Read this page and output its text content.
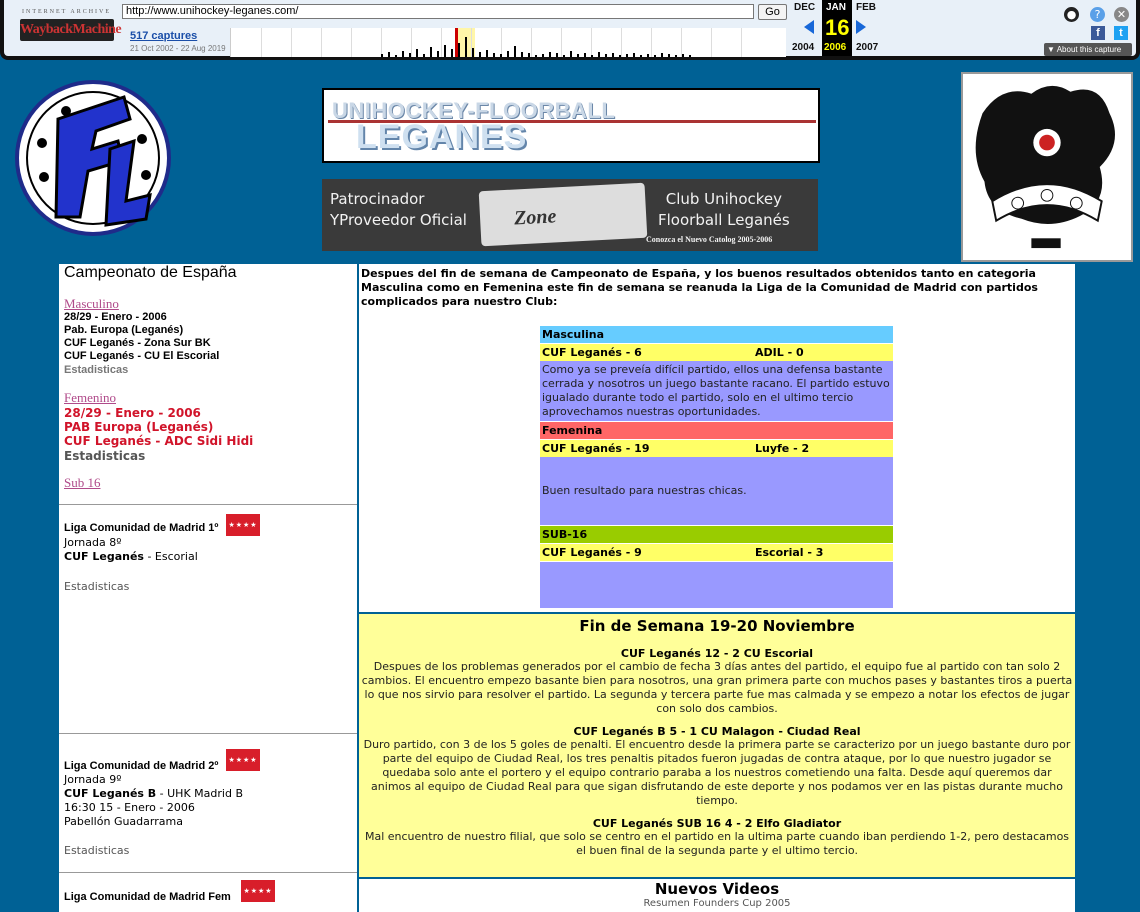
INTERNET ARCHIVE
WaybackMachine
http://www.unihockey-leganes.com/	Go
517 captures
21 Oct 2002 - 22 Aug 2019
DEC JAN FEB
16
2004 2006 2007
●	?	✕
f	t
▼ About this capture
UNIHOCKEY-FLOORBALL
LEGANES
Patrocinador
YProveedor Oficial Zone
Club Unihockey
Floorball Leganés
Conozca el Nuevo Catolog 2005-2006
Campeonato de España
Masculino
28/29 - Enero - 2006
Pab. Europa (Leganés)
CUF Leganés - Zona Sur BK
CUF Leganés - CU El Escorial
Estadisticas
Femenino
28/29 - Enero - 2006
PAB Europa (Leganés)
CUF Leganés - ADC Sidi Hidi
Estadisticas
Sub 16
Liga Comunidad de Madrid 1º	★★★★
Jornada 8º
CUF Leganés - Escorial
Estadisticas
Liga Comunidad de Madrid 2º	★★★★
Jornada 9º
CUF Leganés B - UHK Madrid B
16:30 15 - Enero - 2006
Pabellón Guadarrama
Estadisticas
Liga Comunidad de Madrid Fem	★★★★
Despues del fin de semana de Campeonato de España, y los buenos resultados obtenidos tanto en categoria Masculina como en Femenina este fin de semana se reanuda la Liga de la Comunidad de Madrid con partidos complicados para nuestro Club:
Masculina
CUF Leganés - 6	ADIL - 0
Como ya se preveía difícil partido, ellos una defensa bastante cerrada y nosotros un juego bastante racano. El partido estuvo igualado durante todo el partido, solo en el ultimo tercio aprovechamos nuestras oportunidades.
Femenina
CUF Leganés - 19	Luyfe - 2
Buen resultado para nuestras chicas.
SUB-16
CUF Leganés - 9	Escorial - 3
Fin de Semana 19-20 Noviembre
CUF Leganés 12 - 2 CU Escorial
Despues de los problemas generados por el cambio de fecha 3 días antes del partido, el equipo fue al partido con tan solo 2 cambios. El encuentro empezo basante bien para nosotros, una gran primera parte con muchos pases y bastantes tiros a puerta lo que nos sirvio para resolver el partido. La segunda y tercera parte fue mas calmada y se empezo a notar los efectos de jugar con solo dos cambios.
CUF Leganés B 5 - 1 CU Malagon - Ciudad Real
Duro partido, con 3 de los 5 goles de penalti. El encuentro desde la primera parte se caracterizo por un juego bastante duro por parte del equipo de Ciudad Real, los tres penaltis pitados fueron jugadas de contra ataque, por lo que nuestro jugador se quedaba solo ante el portero y el equipo contrario paraba a los nuestros cometiendo una falta. Desde aquí queremos dar animos al equipo de Ciudad Real para que sigan disfrutando de este deporte y nos podamos ver en las pistas durante mucho tiempo.
CUF Leganés SUB 16 4 - 2 Elfo Gladiator
Mal encuentro de nuestro filial, que solo se centro en el partido en la ultima parte cuando iban perdiendo 1-2, pero destacamos el buen final de la segunda parte y el ultimo tercio.
Nuevos Videos

Resumen Founders Cup 2005
